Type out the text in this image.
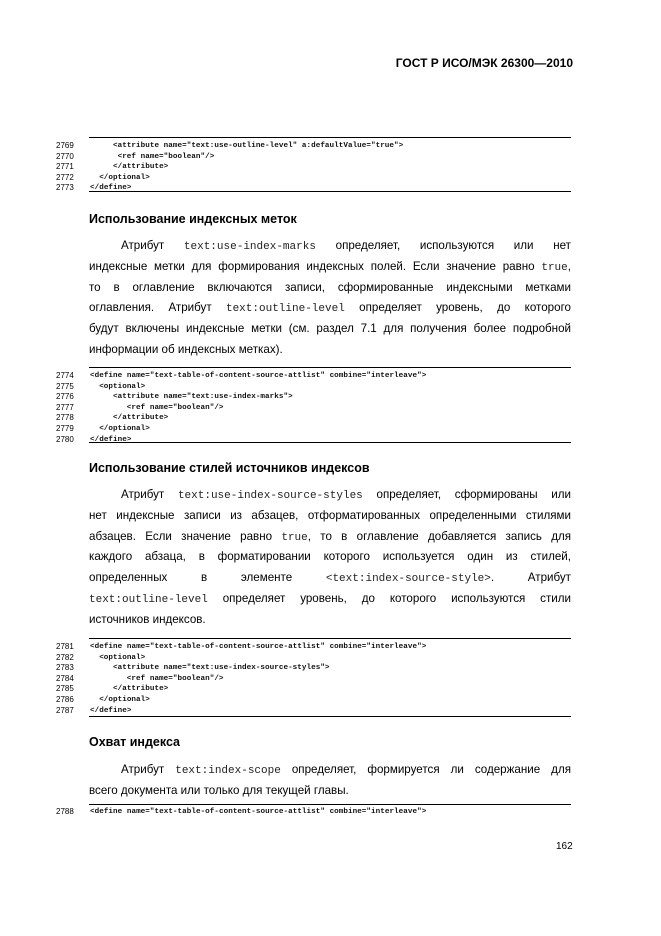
ГОСТ Р ИСО/МЭК 26300—2010
2769	<attribute name="text:use-outline-level" a:defaultValue="true">
2770	<ref name="boolean"/>
2771	</attribute>
2772	</optional>
2773	</define>
Использование индексных меток
Атрибут text:use-index-marks определяет, используются или нет
индексные метки для формирования индексных полей. Если значение равно true,
то в оглавление включаются записи, сформированные индексными метками
оглавления. Атрибут text:outline-level определяет уровень, до которого
будут включены индексные метки (см. раздел 7.1 для получения более подробной
информации об индексных метках).
2774	<define name="text-table-of-content-source-attlist" combine="interleave">
2775	<optional>
2776	<attribute name="text:use-index-marks">
2777	<ref name="boolean"/>
2778	</attribute>
2779	</optional>
2780	</define>
Использование стилей источников индексов
Атрибут text:use-index-source-styles определяет, сформированы или
нет индексные записи из абзацев, отформатированных определенными стилями
абзацев. Если значение равно true, то в оглавление добавляется запись для
каждого абзаца, в форматировании которого используется один из стилей,
определенных в элементе <text:index-source-style>. Атрибут
text:outline-level определяет уровень, до которого используются стили
источников индексов.
2781	<define name="text-table-of-content-source-attlist" combine="interleave">
2782	<optional>
2783	<attribute name="text:use-index-source-styles">
2784	<ref name="boolean"/>
2785	</attribute>
2786	</optional>
2787	</define>
Охват индекса
Атрибут text:index-scope определяет, формируется ли содержание для
всего документа или только для текущей главы.
2788	<define name="text-table-of-content-source-attlist" combine="interleave">
162
